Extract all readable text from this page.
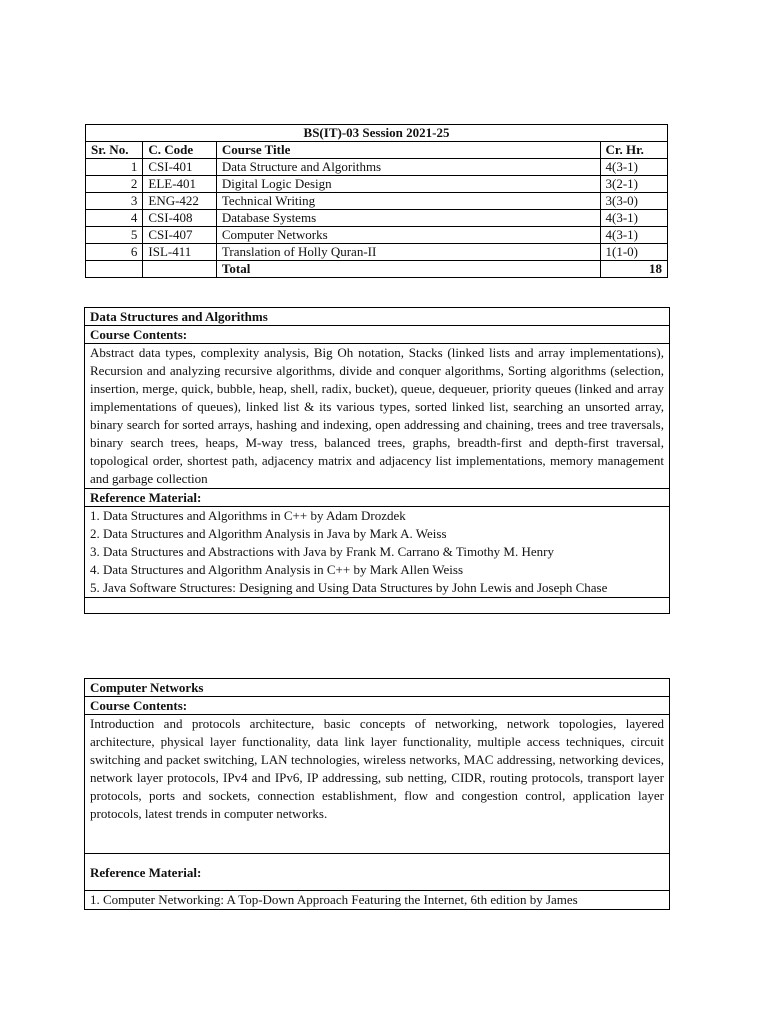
BS(IT)-03 Session 2021-25			
Sr. No.	C. Code	Course Title	Cr. Hr.
1	CSI-401	Data Structure and Algorithms	4(3-1)
2	ELE-401	Digital Logic Design	3(2-1)
3	ENG-422	Technical Writing	3(3-0)
4	CSI-408	Database Systems	4(3-1)
5	CSI-407	Computer Networks	4(3-1)
6	ISL-411	Translation of Holly Quran-II	1(1-0)
		Total	18
Data Structures and Algorithms
Course Contents:
Abstract data types, complexity analysis, Big Oh notation, Stacks (linked lists and array implementations), Recursion and analyzing recursive algorithms, divide and conquer algorithms, Sorting algorithms (selection, insertion, merge, quick, bubble, heap, shell, radix, bucket), queue, dequeuer, priority queues (linked and array implementations of queues), linked list & its various types, sorted linked list, searching an unsorted array, binary search for sorted arrays, hashing and indexing, open addressing and chaining, trees and tree traversals, binary search trees, heaps, M-way tress, balanced trees, graphs, breadth-first and depth-first traversal, topological order, shortest path, adjacency matrix and adjacency list implementations, memory management and garbage collection
Reference Material:

1. Data Structures and Algorithms in C++ by Adam Drozdek

2. Data Structures and Algorithm Analysis in Java by Mark A. Weiss

3. Data Structures and Abstractions with Java by Frank M. Carrano & Timothy M. Henry

4. Data Structures and Algorithm Analysis in C++ by Mark Allen Weiss

5. Java Software Structures: Designing and Using Data Structures by John Lewis and Joseph Chase

Computer Networks
Course Contents:
Introduction and protocols architecture, basic concepts of networking, network topologies, layered architecture, physical layer functionality, data link layer functionality, multiple access techniques, circuit switching and packet switching, LAN technologies, wireless networks, MAC addressing, networking devices, network layer protocols, IPv4 and IPv6, IP addressing, sub netting, CIDR, routing protocols, transport layer protocols, ports and sockets, connection establishment, flow and congestion control, application layer protocols, latest trends in computer networks.
Reference Material:

1. Computer Networking: A Top-Down Approach Featuring the Internet, 6th edition by James
